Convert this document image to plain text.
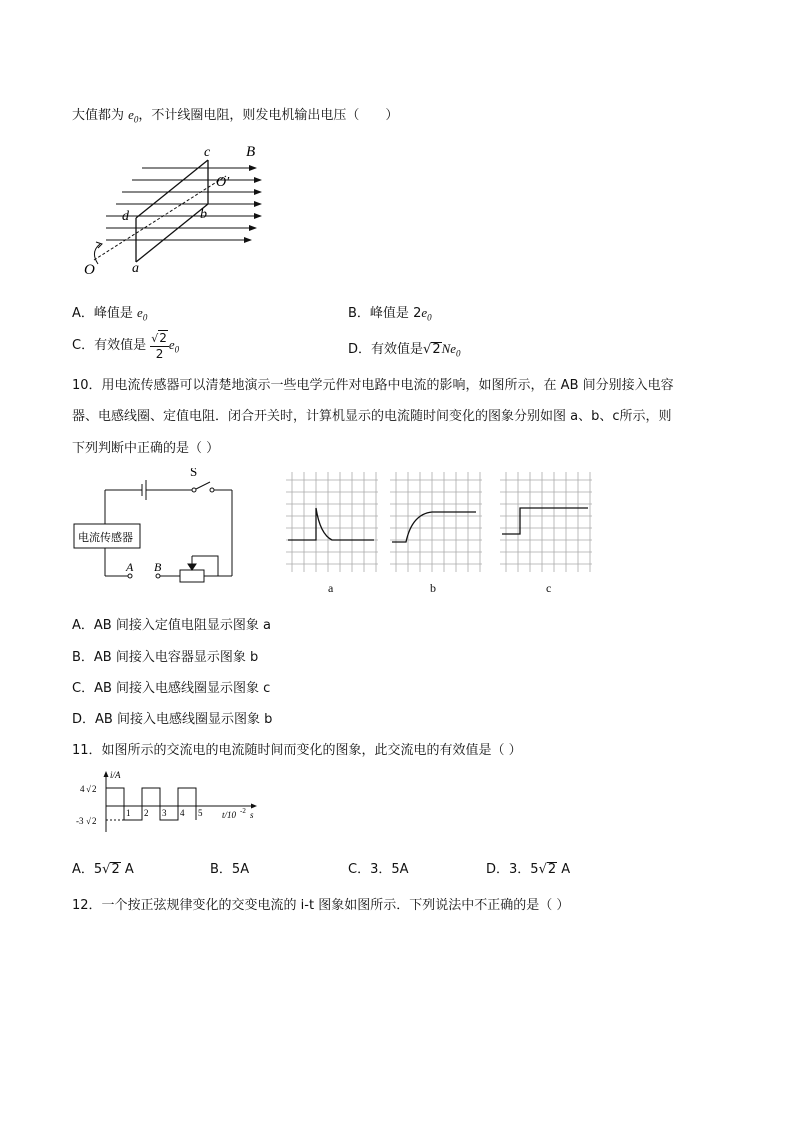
大值都为 $e_0$，不计线圈电阻，则发电机输出电压（　　）
c B
O′
d	b
O	a
A．峰值是 $e_0$	B．峰值是 $2e_0$
C．有效值是 $\frac{√2}{2} e_0$	D．有效值是$√2Ne_0$
10．用电流传感器可以清楚地演示一些电学元件对电路中电流的影响，如图所示，在 AB 间分别接入电容
器、电感线圈、定值电阻．闭合开关时，计算机显示的电流随时间变化的图象分别如图 a、b、c所示，则
下列判断中正确的是（ ）
电流传感器
S
A B
a	b	c
A．AB 间接入定值电阻显示图象 a
B．AB 间接入电容器显示图象 b
C．AB 间接入电感线圈显示图象 c
D．AB 间接入电感线圈显示图象 b
11．如图所示的交流电的电流随时间而变化的图象，此交流电的有效值是（ ）
i/A
4 √ 2
-3 √ 2
1 2 3 4 5 t/10 -2 s
A．5√2 A	B．5A	C．3．5A	D．3．5√2 A
12．一个按正弦规律变化的交变电流的 i-t 图象如图所示．下列说法中不正确的是（ ）
